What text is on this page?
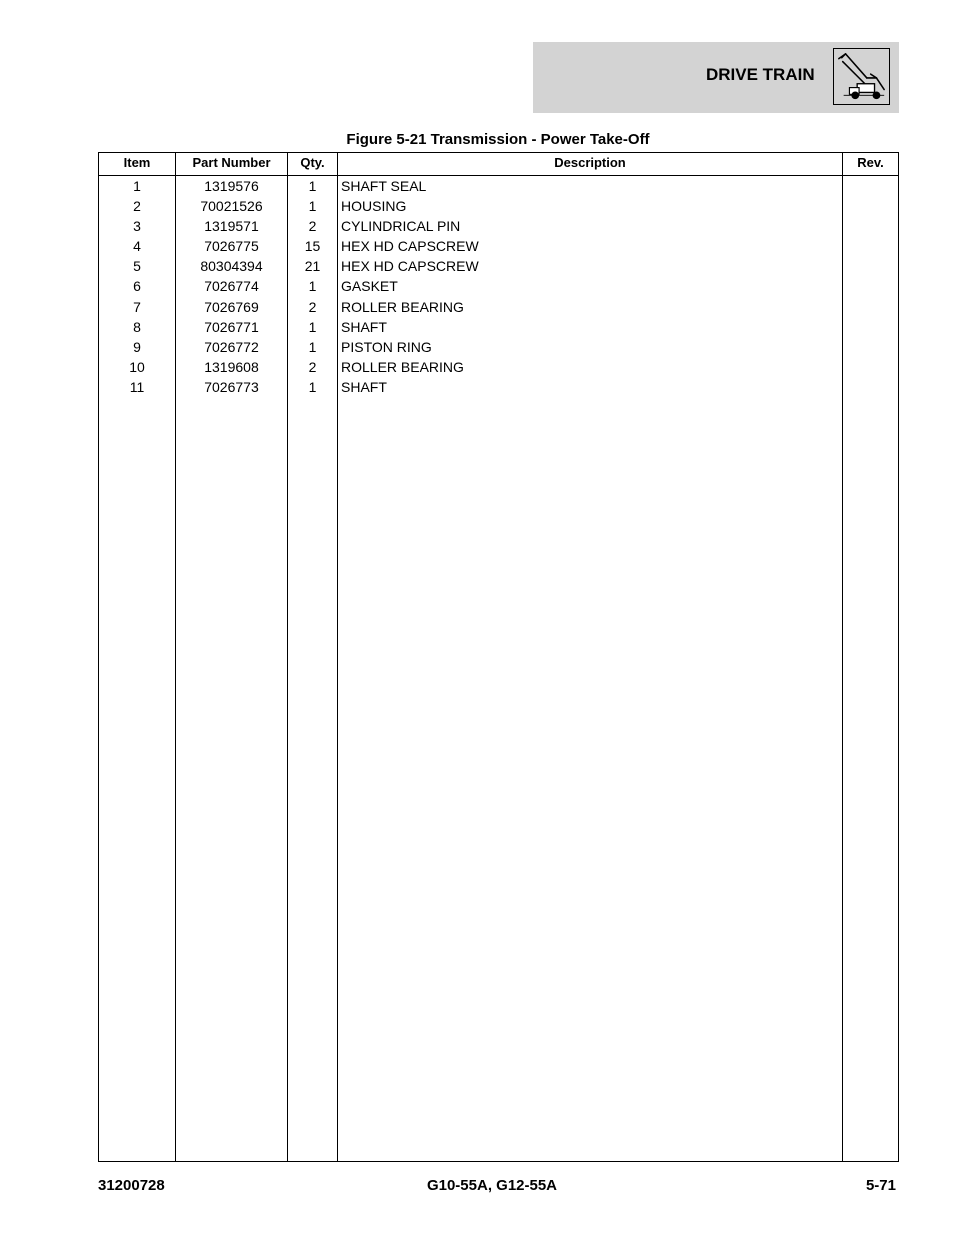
DRIVE TRAIN
Figure 5-21 Transmission - Power Take-Off
Item	Part Number	Qty.	Description	Rev.
1	1319576	1	SHAFT SEAL
2	70021526	1	HOUSING
3	1319571	2	CYLINDRICAL PIN
4	7026775	15	HEX HD CAPSCREW
5	80304394	21	HEX HD CAPSCREW
6	7026774	1	GASKET
7	7026769	2	ROLLER BEARING
8	7026771	1	SHAFT
9	7026772	1	PISTON RING
10	1319608	2	ROLLER BEARING
11	7026773	1	SHAFT
31200728	G10-55A, G12-55A	5-71
